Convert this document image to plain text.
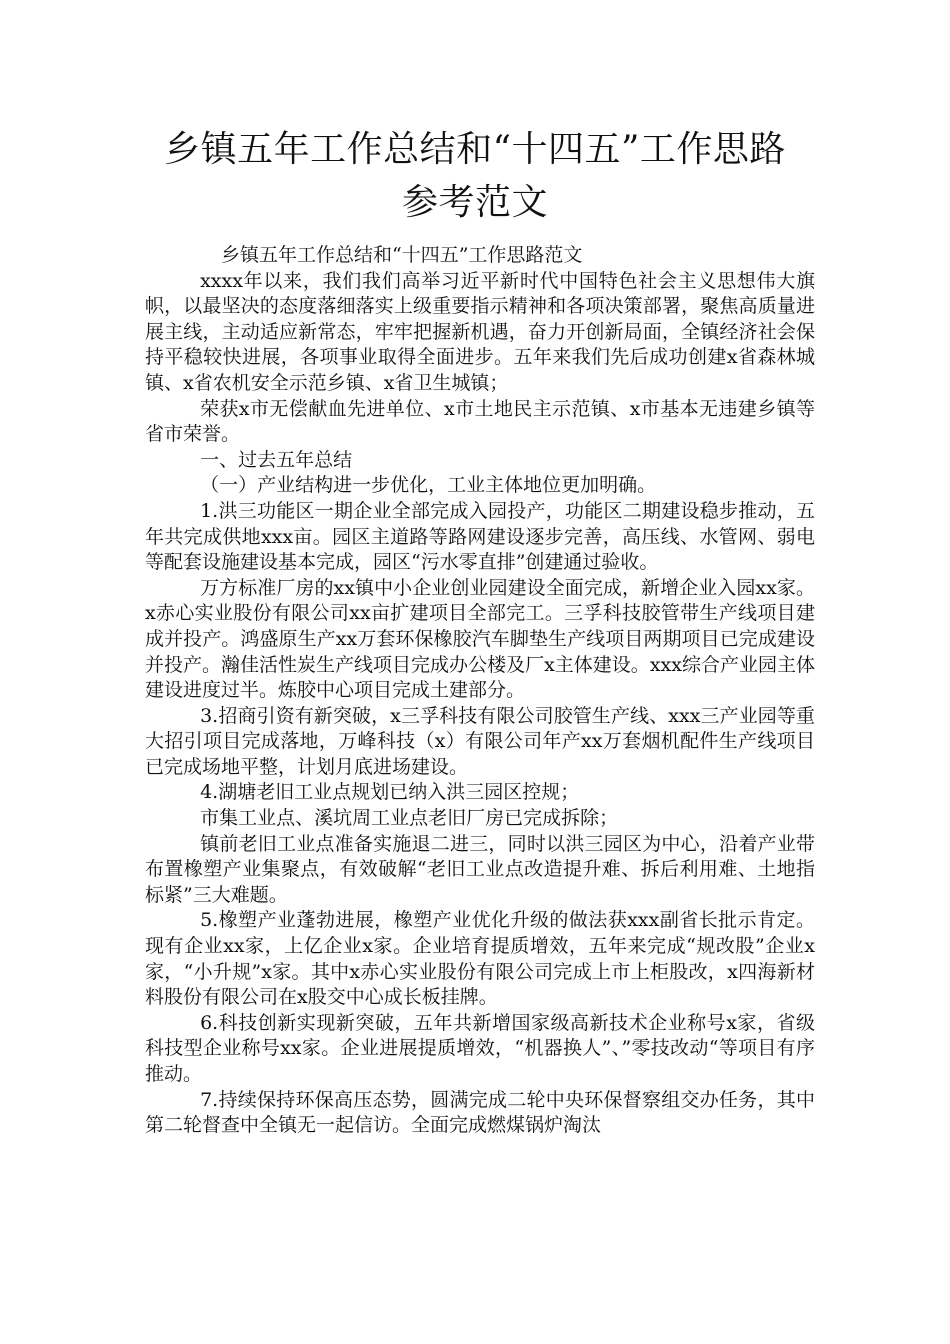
乡镇五年工作总结和“十四五”工作思路
参考范文

乡镇五年工作总结和“十四五”工作思路范文

xxxx年以来，我们我们高举习近平新时代中国特色社会主义思想伟大旗帜，以最坚决的态度落细落实上级重要指示精神和各项决策部署，聚焦高质量进展主线，主动适应新常态，牢牢把握新机遇，奋力开创新局面，全镇经济社会保持平稳较快进展，各项事业取得全面进步。五年来我们先后成功创建x省森林城镇、x省农机安全示范乡镇、x省卫生城镇；

荣获x市无偿献血先进单位、x市土地民主示范镇、x市基本无违建乡镇等省市荣誉。

一、过去五年总结

（一）产业结构进一步优化，工业主体地位更加明确。

1.洪三功能区一期企业全部完成入园投产，功能区二期建设稳步推动，五年共完成供地xxx亩。园区主道路等路网建设逐步完善，高压线、水管网、弱电等配套设施建设基本完成，园区“污水零直排”创建通过验收。

万方标准厂房的xx镇中小企业创业园建设全面完成，新增企业入园xx家。x赤心实业股份有限公司xx亩扩建项目全部完工。三孚科技胶管带生产线项目建成并投产。鸿盛原生产xx万套环保橡胶汽车脚垫生产线项目两期项目已完成建设并投产。瀚佳活性炭生产线项目完成办公楼及厂x主体建设。xxx综合产业园主体建设进度过半。炼胶中心项目完成土建部分。

3.招商引资有新突破，x三孚科技有限公司胶管生产线、xxx三产业园等重大招引项目完成落地，万峰科技（x）有限公司年产xx万套烟机配件生产线项目已完成场地平整，计划月底进场建设。

4.湖塘老旧工业点规划已纳入洪三园区控规；

市集工业点、溪坑周工业点老旧厂房已完成拆除；

镇前老旧工业点准备实施退二进三，同时以洪三园区为中心，沿着产业带布置橡塑产业集聚点，有效破解“老旧工业点改造提升难、拆后利用难、土地指标紧”三大难题。

5.橡塑产业蓬勃进展，橡塑产业优化升级的做法获xxx副省长批示肯定。现有企业xx家，上亿企业x家。企业培育提质增效，五年来完成“规改股”企业x家，“小升规”x家。其中x赤心实业股份有限公司完成上市上柜股改，x四海新材料股份有限公司在x股交中心成长板挂牌。

6.科技创新实现新突破，五年共新增国家级高新技术企业称号x家，省级科技型企业称号xx家。企业进展提质增效，“机器换人”、”零技改动“等项目有序推动。

7.持续保持环保高压态势，圆满完成二轮中央环保督察组交办任务，其中第二轮督查中全镇无一起信访。全面完成燃煤锅炉淘汰
